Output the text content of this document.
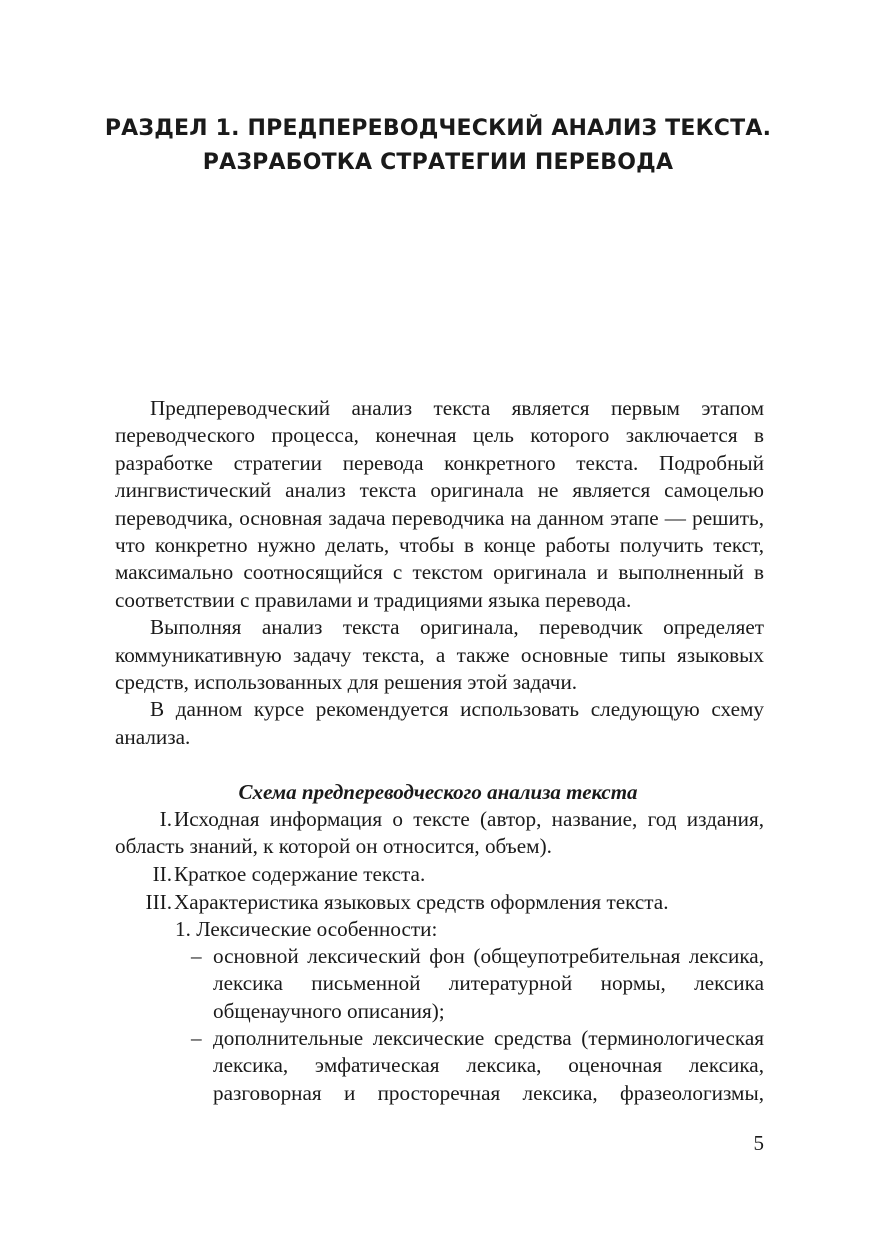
РАЗДЕЛ 1. ПРЕДПЕРЕВОДЧЕСКИЙ АНАЛИЗ ТЕКСТА.
РАЗРАБОТКА СТРАТЕГИИ ПЕРЕВОДА

Предпереводческий анализ текста является первым этапом переводческого процесса, конечная цель которого заключается в разработке стратегии перевода конкретного текста. Подробный лингвистический анализ текста оригинала не является самоцелью переводчика, основная задача переводчика на данном этапе — решить, что конкретно нужно делать, чтобы в конце работы получить текст, максимально соотносящийся с текстом оригинала и выполненный в соответствии с правилами и традициями языка перевода.

Выполняя анализ текста оригинала, переводчик определяет коммуникативную задачу текста, а также основные типы языковых средств, использованных для решения этой задачи.

В данном курсе рекомендуется использовать следующую схему анализа.

Схема предпереводческого анализа текста
I.Исходная информация о тексте (автор, название, год издания, область знаний, к которой он относится, объем).
II.Краткое содержание текста.
III.Характеристика языковых средств оформления текста.

1. Лексические особенности:

– основной лексический фон (общеупотребительная лексика, лексика письменной литературной нормы, лексика общенаучного описания);

– дополнительные лексические средства (терминологическая лексика, эмфатическая лексика, оценочная лексика, разговорная и просторечная лексика, фразеологизмы,

5
